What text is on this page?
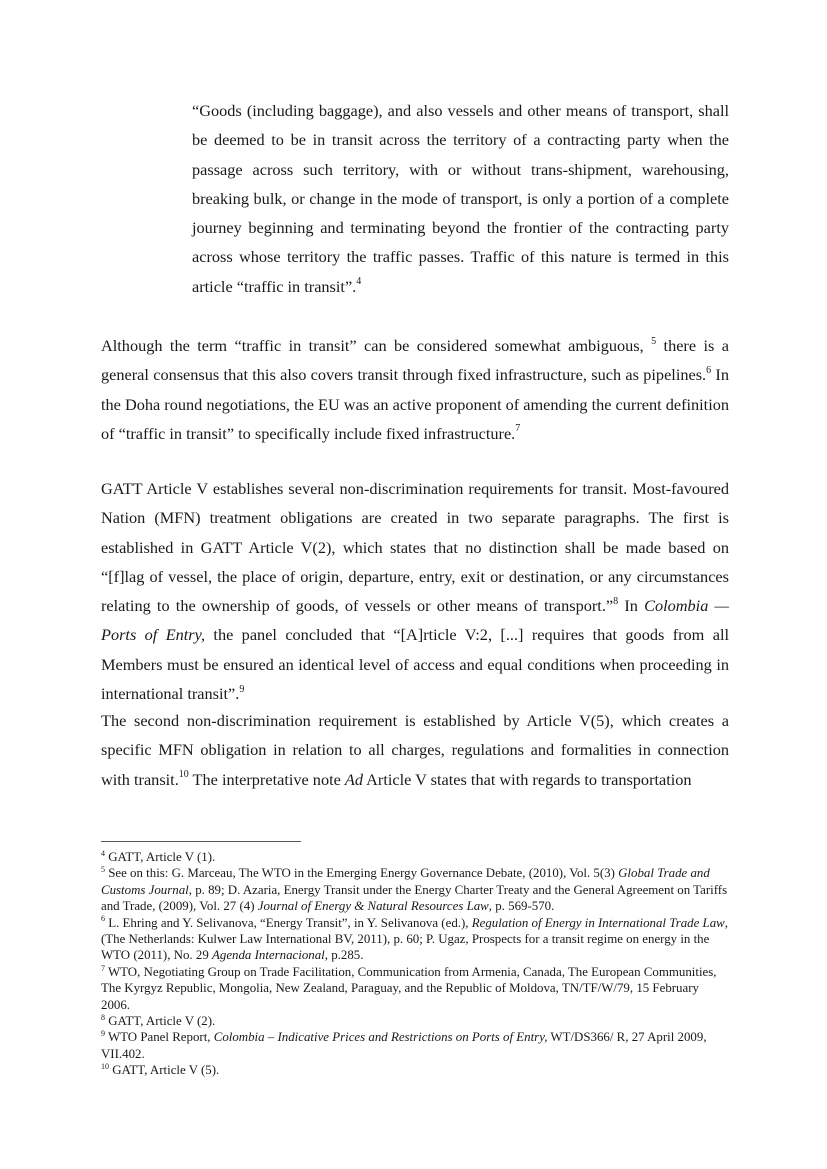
“Goods (including baggage), and also vessels and other means of transport, shall be deemed to be in transit across the territory of a contracting party when the passage across such territory, with or without trans-shipment, warehousing, breaking bulk, or change in the mode of transport, is only a portion of a complete journey beginning and terminating beyond the frontier of the contracting party across whose territory the traffic passes. Traffic of this nature is termed in this article “traffic in transit”.$^4$
Although the term “traffic in transit” can be considered somewhat ambiguous, $^5$ there is a general consensus that this also covers transit through fixed infrastructure, such as pipelines.$^6$ In the Doha round negotiations, the EU was an active proponent of amending the current definition of “traffic in transit” to specifically include fixed infrastructure.$^7$
GATT Article V establishes several non-discrimination requirements for transit. Most-favoured Nation (MFN) treatment obligations are created in two separate paragraphs. The first is established in GATT Article V(2), which states that no distinction shall be made based on “[f]lag of vessel, the place of origin, departure, entry, exit or destination, or any circumstances relating to the ownership of goods, of vessels or other means of transport.”$^8$ In Colombia — Ports of Entry, the panel concluded that “[A]rticle V:2, [...] requires that goods from all Members must be ensured an identical level of access and equal conditions when proceeding in international transit”.$^9$
The second non-discrimination requirement is established by Article V(5), which creates a specific MFN obligation in relation to all charges, regulations and formalities in connection with transit.$^{10}$ The interpretative note Ad Article V states that with regards to transportation

$^4$ GATT, Article V (1).

$^5$ See on this: G. Marceau, The WTO in the Emerging Energy Governance Debate, (2010), Vol. 5(3) Global Trade and Customs Journal, p. 89; D. Azaria, Energy Transit under the Energy Charter Treaty and the General Agreement on Tariffs and Trade, (2009), Vol. 27 (4) Journal of Energy & Natural Resources Law, p. 569-570.

$^6$ L. Ehring and Y. Selivanova, “Energy Transit”, in Y. Selivanova (ed.), Regulation of Energy in International Trade Law, (The Netherlands: Kulwer Law International BV, 2011), p. 60; P. Ugaz, Prospects for a transit regime on energy in the WTO (2011), No. 29 Agenda Internacional, p.285.

$^7$ WTO, Negotiating Group on Trade Facilitation, Communication from Armenia, Canada, The European Communities, The Kyrgyz Republic, Mongolia, New Zealand, Paraguay, and the Republic of Moldova, TN/TF/W/79, 15 February 2006.

$^8$ GATT, Article V (2).

$^9$ WTO Panel Report, Colombia – Indicative Prices and Restrictions on Ports of Entry, WT/DS366/ R, 27 April 2009, VII.402.

$^{10}$ GATT, Article V (5).
